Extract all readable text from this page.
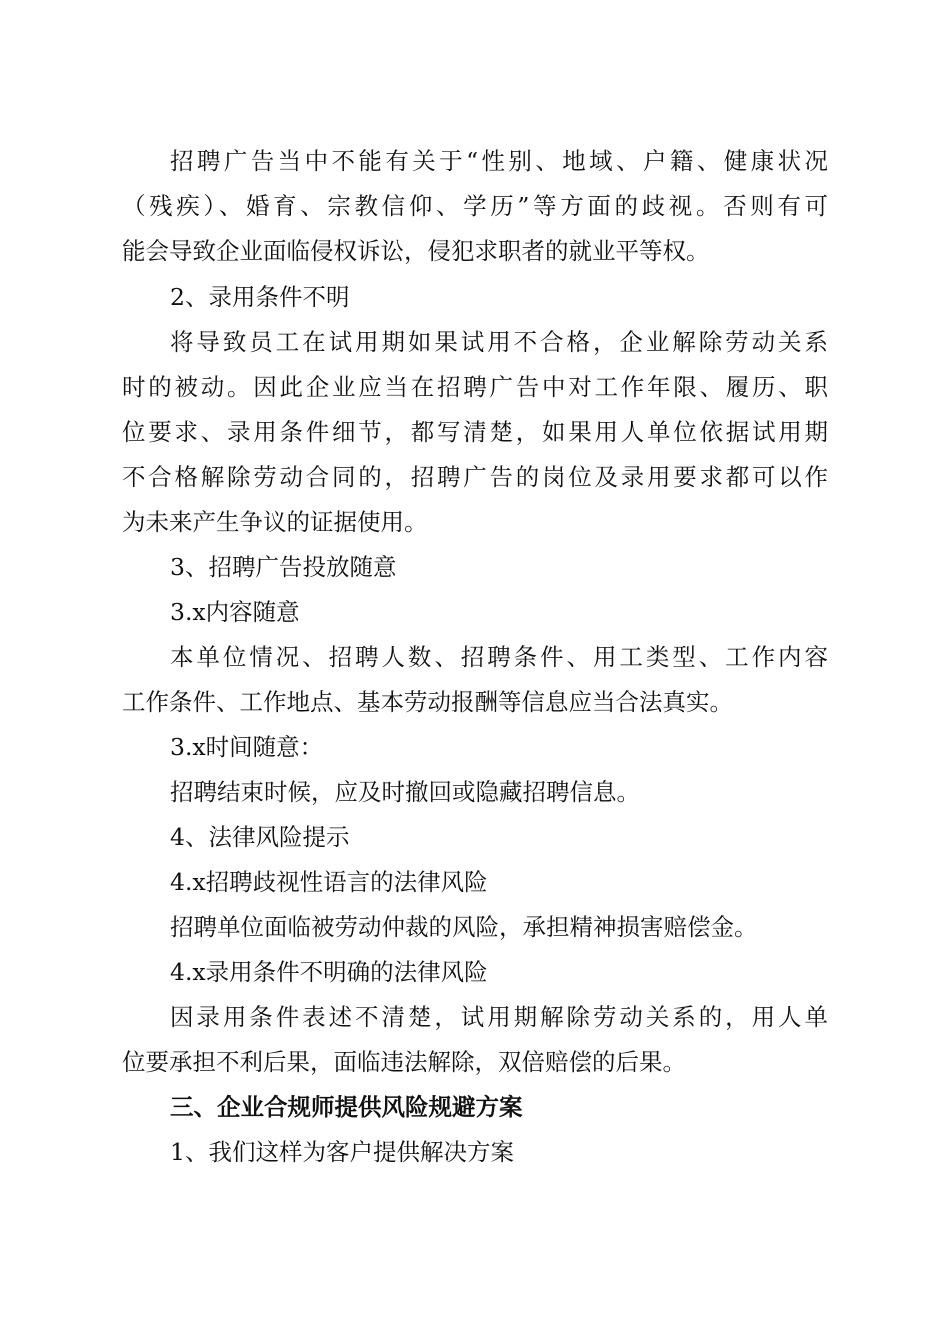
招聘广告当中不能有关于“性别、地域、户籍、健康状况
（残疾）、婚育、宗教信仰、学历”等方面的歧视。否则有可
能会导致企业面临侵权诉讼，侵犯求职者的就业平等权。
2、录用条件不明
将导致员工在试用期如果试用不合格，企业解除劳动关系
时的被动。因此企业应当在招聘广告中对工作年限、履历、职
位要求、录用条件细节，都写清楚，如果用人单位依据试用期
不合格解除劳动合同的，招聘广告的岗位及录用要求都可以作
为未来产生争议的证据使用。
3、招聘广告投放随意
3.x内容随意
本单位情况、招聘人数、招聘条件、用工类型、工作内容
工作条件、工作地点、基本劳动报酬等信息应当合法真实。
3.x时间随意：
招聘结束时候，应及时撤回或隐藏招聘信息。
4、法律风险提示
4.x招聘歧视性语言的法律风险
招聘单位面临被劳动仲裁的风险，承担精神损害赔偿金。
4.x录用条件不明确的法律风险
因录用条件表述不清楚，试用期解除劳动关系的，用人单
位要承担不利后果，面临违法解除，双倍赔偿的后果。
三、企业合规师提供风险规避方案
1、我们这样为客户提供解决方案
